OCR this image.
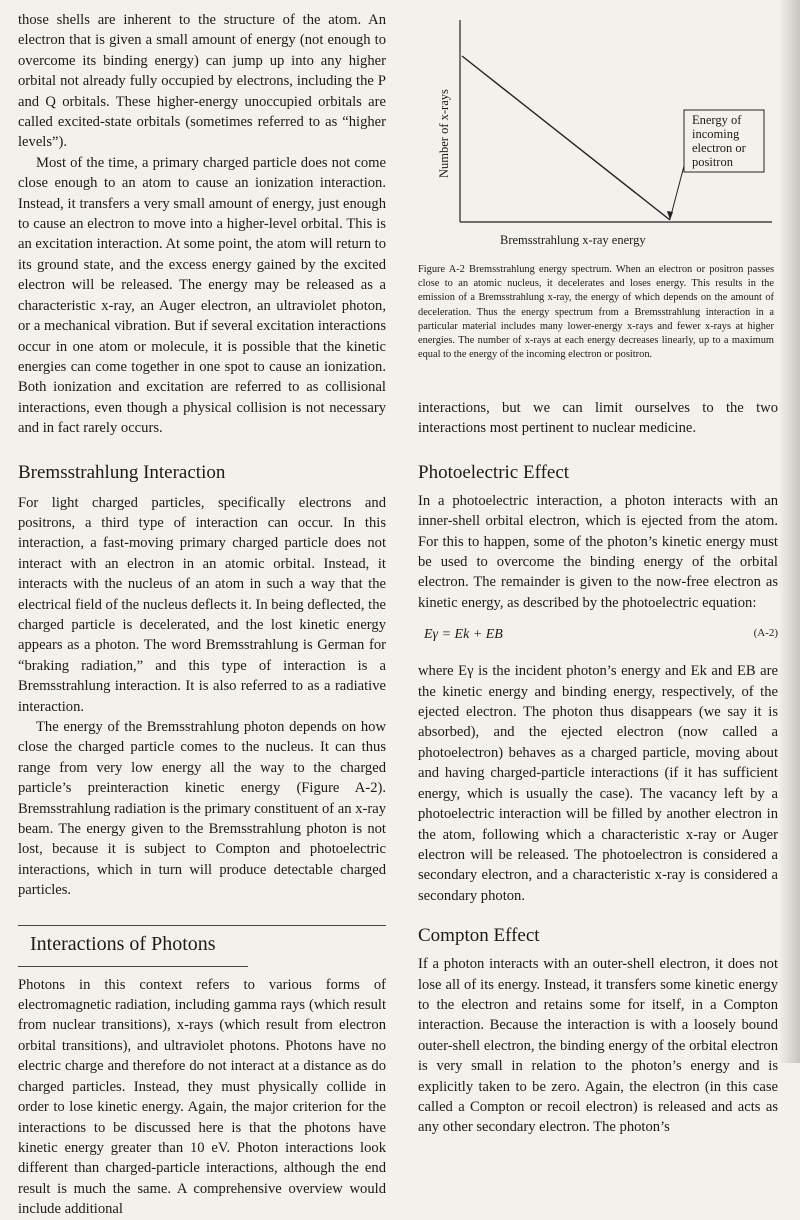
those shells are inherent to the structure of the atom. An electron that is given a small amount of energy (not enough to overcome its binding energy) can jump up into any higher orbital not already fully occupied by electrons, including the P and Q orbitals. These higher-energy unoccupied orbitals are called excited-state orbitals (sometimes referred to as “higher levels”).

Most of the time, a primary charged particle does not come close enough to an atom to cause an ionization interaction. Instead, it transfers a very small amount of energy, just enough to cause an electron to move into a higher-level orbital. This is an excitation interaction. At some point, the atom will return to its ground state, and the excess energy gained by the excited electron will be released. The energy may be released as a characteristic x-ray, an Auger electron, an ultraviolet photon, or a mechanical vibration. But if several excitation interactions occur in one atom or molecule, it is possible that the kinetic energies can come together in one spot to cause an ionization. Both ionization and excitation are referred to as collisional interactions, even though a physical collision is not necessary and in fact rarely occurs.

Bremsstrahlung Interaction

For light charged particles, specifically electrons and positrons, a third type of interaction can occur. In this interaction, a fast-moving primary charged particle does not interact with an electron in an atomic orbital. Instead, it interacts with the nucleus of an atom in such a way that the electrical field of the nucleus deflects it. In being deflected, the charged particle is decelerated, and the lost kinetic energy appears as a photon. The word Bremsstrahlung is German for “braking radiation,” and this type of interaction is a Bremsstrahlung interaction. It is also referred to as a radiative interaction.

The energy of the Bremsstrahlung photon depends on how close the charged particle comes to the nucleus. It can thus range from very low energy all the way to the charged particle’s preinteraction kinetic energy (Figure A-2). Bremsstrahlung radiation is the primary constituent of an x-ray beam. The energy given to the Bremsstrahlung photon is not lost, because it is subject to Compton and photoelectric interactions, which in turn will produce detectable charged particles.

Interactions of Photons

Photons in this context refers to various forms of electromagnetic radiation, including gamma rays (which result from nuclear transitions), x-rays (which result from electron orbital transitions), and ultraviolet photons. Photons have no electric charge and therefore do not interact at a distance as do charged particles. Instead, they must physically collide in order to lose kinetic energy. Again, the major criterion for the interactions to be discussed here is that the photons have kinetic energy greater than 10 eV. Photon interactions look different than charged-particle interactions, although the end result is much the same. A comprehensive overview would include additional

Energy of
incoming
electron or
positron
Number of x-rays
Bremsstrahlung x-ray energy
Figure A-2 Bremsstrahlung energy spectrum. When an electron or positron passes close to an atomic nucleus, it decelerates and loses energy. This results in the emission of a Bremsstrahlung x-ray, the energy of which depends on the amount of deceleration. Thus the energy spectrum from a Bremsstrahlung interaction in a particular material includes many lower-energy x-rays and fewer x-rays at higher energies. The number of x-rays at each energy decreases linearly, up to a maximum equal to the energy of the incoming electron or positron.

interactions, but we can limit ourselves to the two interactions most pertinent to nuclear medicine.

Photoelectric Effect

In a photoelectric interaction, a photon interacts with an inner-shell orbital electron, which is ejected from the atom. For this to happen, some of the photon’s kinetic energy must be used to overcome the binding energy of the orbital electron. The remainder is given to the now-free electron as kinetic energy, as described by the photoelectric equation:

Eγ = Ek + EB	(A-2)

where Eγ is the incident photon’s energy and Ek and EB are the kinetic energy and binding energy, respectively, of the ejected electron. The photon thus disappears (we say it is absorbed), and the ejected electron (now called a photoelectron) behaves as a charged particle, moving about and having charged-particle interactions (if it has sufficient energy, which is usually the case). The vacancy left by a photoelectric interaction will be filled by another electron in the atom, following which a characteristic x-ray or Auger electron will be released. The photoelectron is considered a secondary electron, and a characteristic x-ray is considered a secondary photon.

Compton Effect

If a photon interacts with an outer-shell electron, it does not lose all of its energy. Instead, it transfers some kinetic energy to the electron and retains some for itself, in a Compton interaction. Because the interaction is with a loosely bound outer-shell electron, the binding energy of the orbital electron is very small in relation to the photon’s energy and is explicitly taken to be zero. Again, the electron (in this case called a Compton or recoil electron) is released and acts as any other secondary electron. The photon’s
